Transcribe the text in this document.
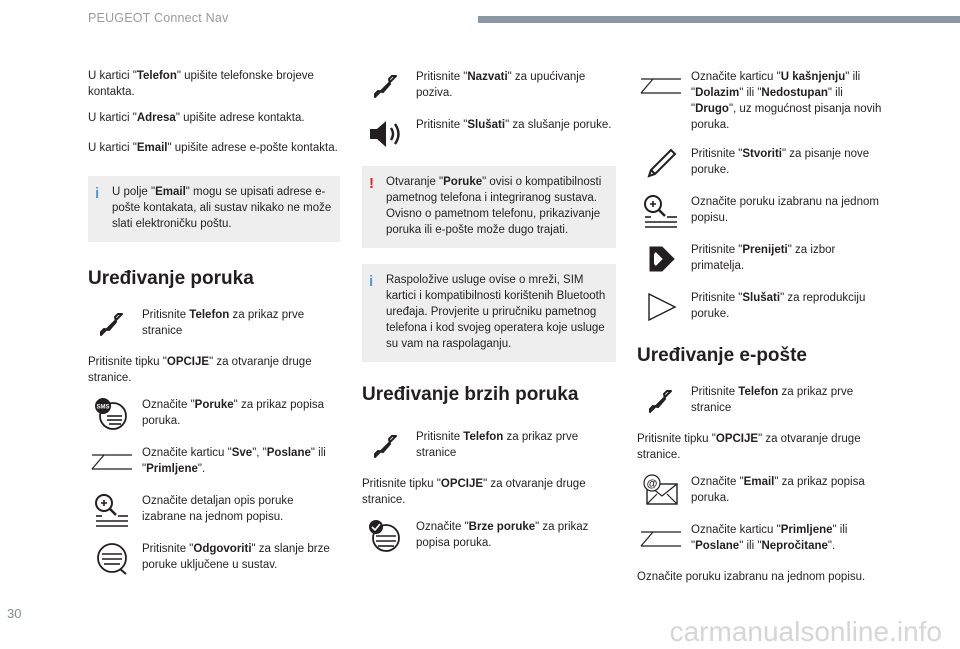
PEUGEOT Connect Nav
30
carmanualsonline.info

U kartici "Telefon" upišite telefonske brojeve kontakta.

U kartici "Adresa" upišite adrese kontakta.

U kartici "Email" upišite adrese e-pošte kontakta.

i U polje "Email" mogu se upisati adrese e-pošte kontakata, ali sustav nikako ne može slati elektroničku poštu.
Uređivanje poruka
Pritisnite Telefon za prikaz prve stranice

Pritisnite tipku "OPCIJE" za otvaranje druge stranice.

SMS	Označite "Poruke" za prikaz popisa poruka.
Označite karticu "Sve", "Poslane" ili "Primljene".
Označite detaljan opis poruke izabrane na jednom popisu.
Pritisnite "Odgovoriti" za slanje brze poruke uključene u sustav.
Pritisnite "Nazvati" za upućivanje poziva.
Pritisnite "Slušati" za slušanje poruke.
! Otvaranje "Poruke" ovisi o kompatibilnosti pametnog telefona i integriranog sustava. Ovisno o pametnom telefonu, prikazivanje poruka ili e-pošte može dugo trajati.
i Raspoložive usluge ovise o mreži, SIM kartici i kompatibilnosti korištenih Bluetooth uređaja. Provjerite u priručniku pametnog telefona i kod svojeg operatera koje usluge su vam na raspolaganju.
Uređivanje brzih poruka
Pritisnite Telefon za prikaz prve stranice

Pritisnite tipku "OPCIJE" za otvaranje druge stranice.

Označite "Brze poruke" za prikaz popisa poruka.
Označite karticu "U kašnjenju" ili "Dolazim" ili "Nedostupan" ili "Drugo", uz mogućnost pisanja novih poruka.
Pritisnite "Stvoriti" za pisanje nove poruke.
Označite poruku izabranu na jednom popisu.
Pritisnite "Prenijeti" za izbor primatelja.
Pritisnite "Slušati" za reprodukciju poruke.
Uređivanje e-pošte
Pritisnite Telefon za prikaz prve stranice

Pritisnite tipku "OPCIJE" za otvaranje druge stranice.

@	Označite "Email" za prikaz popisa poruka.
Označite karticu "Primljene" ili "Poslane" ili "Nepročitane".

Označite poruku izabranu na jednom popisu.
